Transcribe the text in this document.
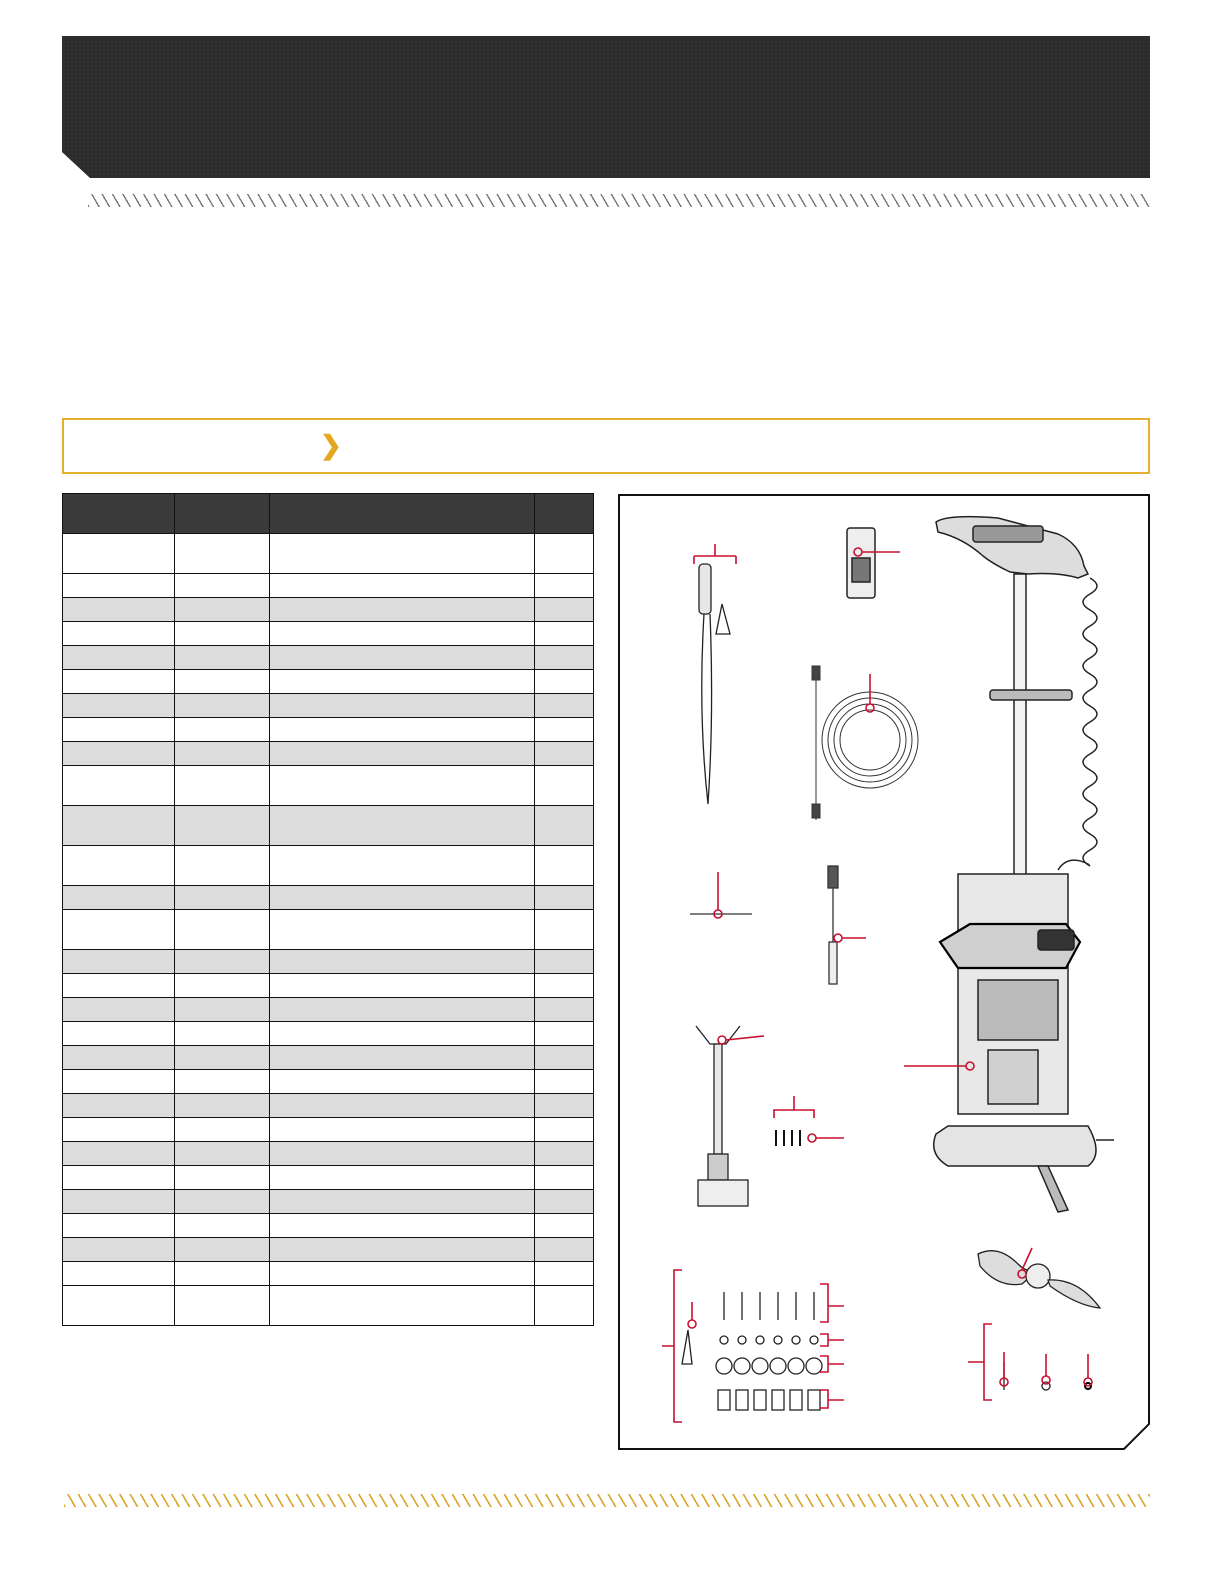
❯
